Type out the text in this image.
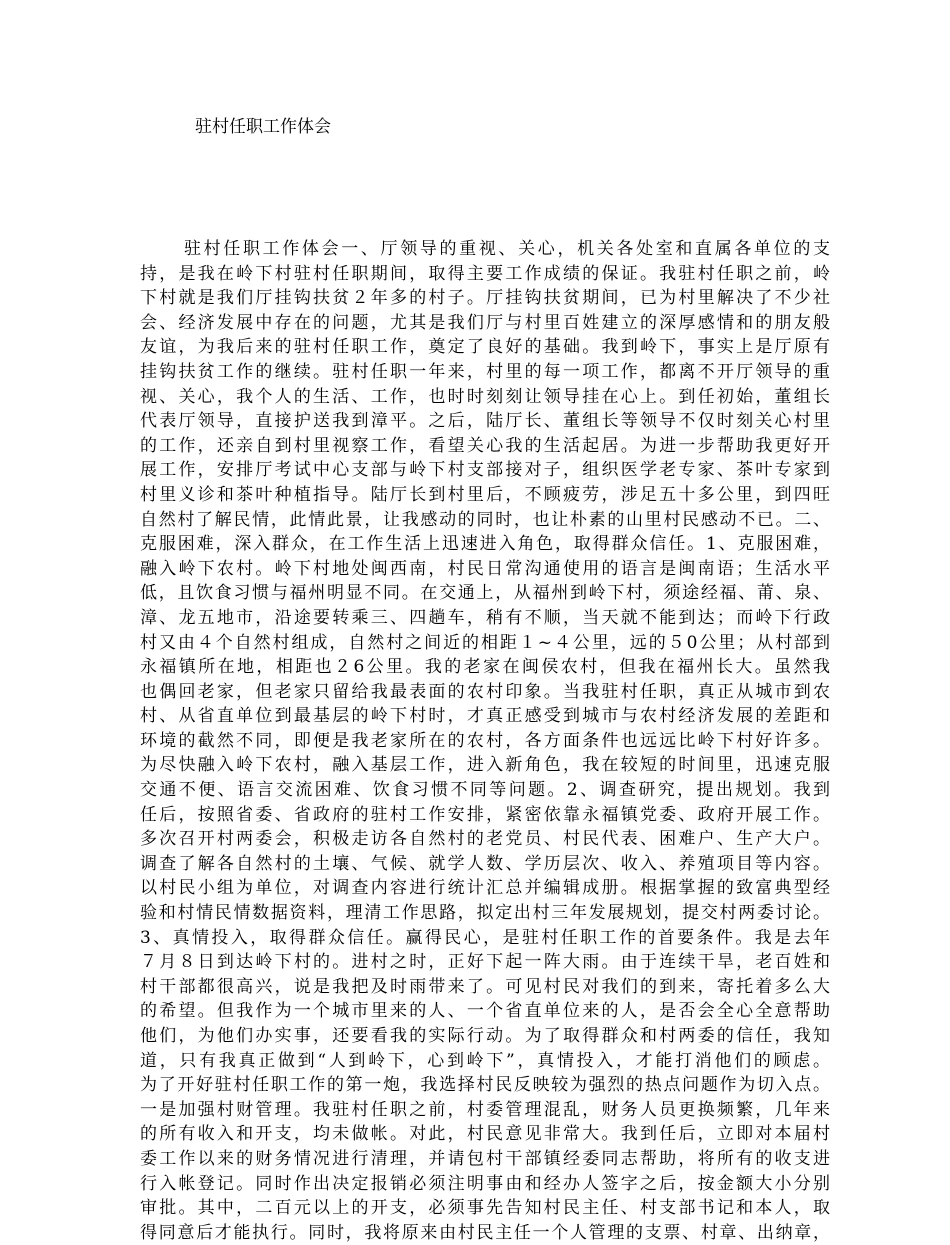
驻村任职工作体会
驻村任职工作体会一、厅领导的重视、关心，机关各处室和直属各单位的支
持，是我在岭下村驻村任职期间，取得主要工作成绩的保证。我驻村任职之前，岭
下村就是我们厅挂钩扶贫２年多的村子。厅挂钩扶贫期间，已为村里解决了不少社
会、经济发展中存在的问题，尤其是我们厅与村里百姓建立的深厚感情和的朋友般
友谊，为我后来的驻村任职工作，奠定了良好的基础。我到岭下，事实上是厅原有
挂钩扶贫工作的继续。驻村任职一年来，村里的每一项工作，都离不开厅领导的重
视、关心，我个人的生活、工作，也时时刻刻让领导挂在心上。到任初始，董组长
代表厅领导，直接护送我到漳平。之后，陆厅长、董组长等领导不仅时刻关心村里
的工作，还亲自到村里视察工作，看望关心我的生活起居。为进一步帮助我更好开
展工作，安排厅考试中心支部与岭下村支部接对子，组织医学老专家、茶叶专家到
村里义诊和茶叶种植指导。陆厅长到村里后，不顾疲劳，涉足五十多公里，到四旺
自然村了解民情，此情此景，让我感动的同时，也让朴素的山里村民感动不已。二、
克服困难，深入群众，在工作生活上迅速进入角色，取得群众信任。1、克服困难，
融入岭下农村。岭下村地处闽西南，村民日常沟通使用的语言是闽南语；生活水平
低，且饮食习惯与福州明显不同。在交通上，从福州到岭下村，须途经福、莆、泉、
漳、龙五地市，沿途要转乘三、四趟车，稍有不顺，当天就不能到达；而岭下行政
村又由４个自然村组成，自然村之间近的相距１~４公里，远的５0公里；从村部到
永福镇所在地，相距也２6公里。我的老家在闽侯农村，但我在福州长大。虽然我
也偶回老家，但老家只留给我最表面的农村印象。当我驻村任职，真正从城市到农
村、从省直单位到最基层的岭下村时，才真正感受到城市与农村经济发展的差距和
环境的截然不同，即便是我老家所在的农村，各方面条件也远远比岭下村好许多。
为尽快融入岭下农村，融入基层工作，进入新角色，我在较短的时间里，迅速克服
交通不便、语言交流困难、饮食习惯不同等问题。2、调查研究，提出规划。我到
任后，按照省委、省政府的驻村工作安排，紧密依靠永福镇党委、政府开展工作。
多次召开村两委会，积极走访各自然村的老党员、村民代表、困难户、生产大户。
调查了解各自然村的土壤、气候、就学人数、学历层次、收入、养殖项目等内容。
以村民小组为单位，对调查内容进行统计汇总并编辑成册。根据掌握的致富典型经
验和村情民情数据资料，理清工作思路，拟定出村三年发展规划，提交村两委讨论。
3、真情投入，取得群众信任。赢得民心，是驻村任职工作的首要条件。我是去年
７月８日到达岭下村的。进村之时，正好下起一阵大雨。由于连续干旱，老百姓和
村干部都很高兴，说是我把及时雨带来了。可见村民对我们的到来，寄托着多么大
的希望。但我作为一个城市里来的人、一个省直单位来的人，是否会全心全意帮助
他们，为他们办实事，还要看我的实际行动。为了取得群众和村两委的信任，我知
道，只有我真正做到“人到岭下，心到岭下”，真情投入，才能打消他们的顾虑。
为了开好驻村任职工作的第一炮，我选择村民反映较为强烈的热点问题作为切入点。
一是加强村财管理。我驻村任职之前，村委管理混乱，财务人员更换频繁，几年来
的所有收入和开支，均未做帐。对此，村民意见非常大。我到任后，立即对本届村
委工作以来的财务情况进行清理，并请包村干部镇经委同志帮助，将所有的收支进
行入帐登记。同时作出决定报销必须注明事由和经办人签字之后，按金额大小分别
审批。其中，二百元以上的开支，必须事先告知村民主任、村支部书记和本人，取
得同意后才能执行。同时，我将原来由村民主任一个人管理的支票、村章、出纳章，
